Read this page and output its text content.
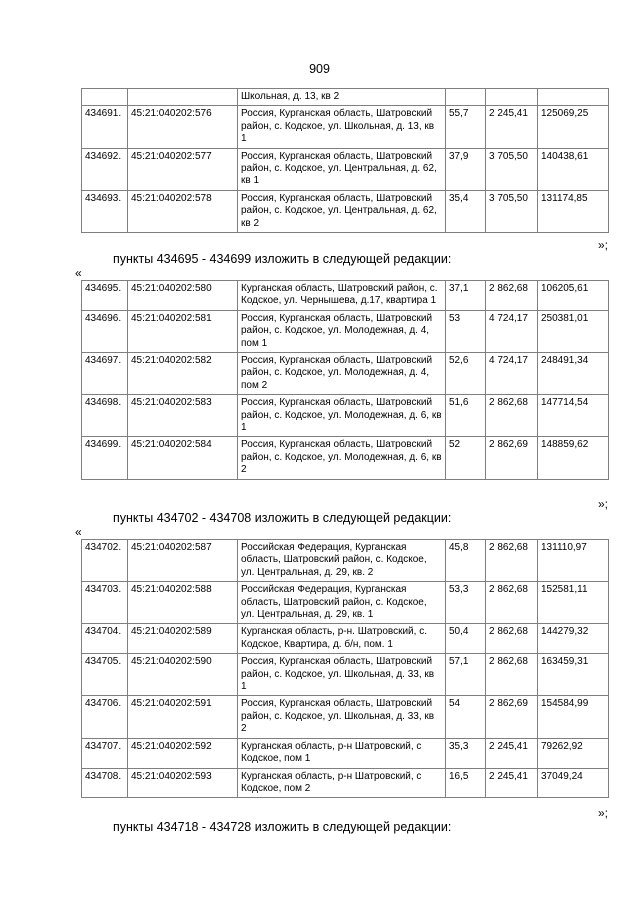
909
		Школьная, д. 13, кв 2			
434691.	45:21:040202:576	Россия, Курганская область, Шатровский район, с. Кодское, ул. Школьная, д. 13, кв 1	55,7	2 245,41	125069,25
434692.	45:21:040202:577	Россия, Курганская область, Шатровский район, с. Кодское, ул. Центральная, д. 62, кв 1	37,9	3 705,50	140438,61
434693.	45:21:040202:578	Россия, Курганская область, Шатровский район, с. Кодское, ул. Центральная, д. 62, кв 2	35,4	3 705,50	131174,85
»;
пункты 434695 - 434699 изложить в следующей редакции:
«
434695.	45:21:040202:580	Курганская область, Шатровский район, с. Кодское, ул. Чернышева, д.17, квартира 1	37,1	2 862,68	106205,61
434696.	45:21:040202:581	Россия, Курганская область, Шатровский район, с. Кодское, ул. Молодежная, д. 4, пом 1	53	4 724,17	250381,01
434697.	45:21:040202:582	Россия, Курганская область, Шатровский район, с. Кодское, ул. Молодежная, д. 4, пом 2	52,6	4 724,17	248491,34
434698.	45:21:040202:583	Россия, Курганская область, Шатровский район, с. Кодское, ул. Молодежная, д. 6, кв 1	51,6	2 862,68	147714,54
434699.	45:21:040202:584	Россия, Курганская область, Шатровский район, с. Кодское, ул. Молодежная, д. 6, кв 2	52	2 862,69	148859,62
»;
пункты 434702 - 434708 изложить в следующей редакции:
«
434702.	45:21:040202:587	Российская Федерация, Курганская область, Шатровский район, с. Кодское, ул. Центральная, д. 29, кв. 2	45,8	2 862,68	131110,97
434703.	45:21:040202:588	Российская Федерация, Курганская область, Шатровский район, с. Кодское, ул. Центральная, д. 29, кв. 1	53,3	2 862,68	152581,11
434704.	45:21:040202:589	Курганская область, р-н. Шатровский, с. Кодское, Квартира, д. б/н, пом. 1	50,4	2 862,68	144279,32
434705.	45:21:040202:590	Россия, Курганская область, Шатровский район, с. Кодское, ул. Школьная, д. 33, кв 1	57,1	2 862,68	163459,31
434706.	45:21:040202:591	Россия, Курганская область, Шатровский район, с. Кодское, ул. Школьная, д. 33, кв 2	54	2 862,69	154584,99
434707.	45:21:040202:592	Курганская область, р-н Шатровский, с Кодское, пом 1	35,3	2 245,41	79262,92
434708.	45:21:040202:593	Курганская область, р-н Шатровский, с Кодское, пом 2	16,5	2 245,41	37049,24
»;
пункты 434718 - 434728 изложить в следующей редакции:
